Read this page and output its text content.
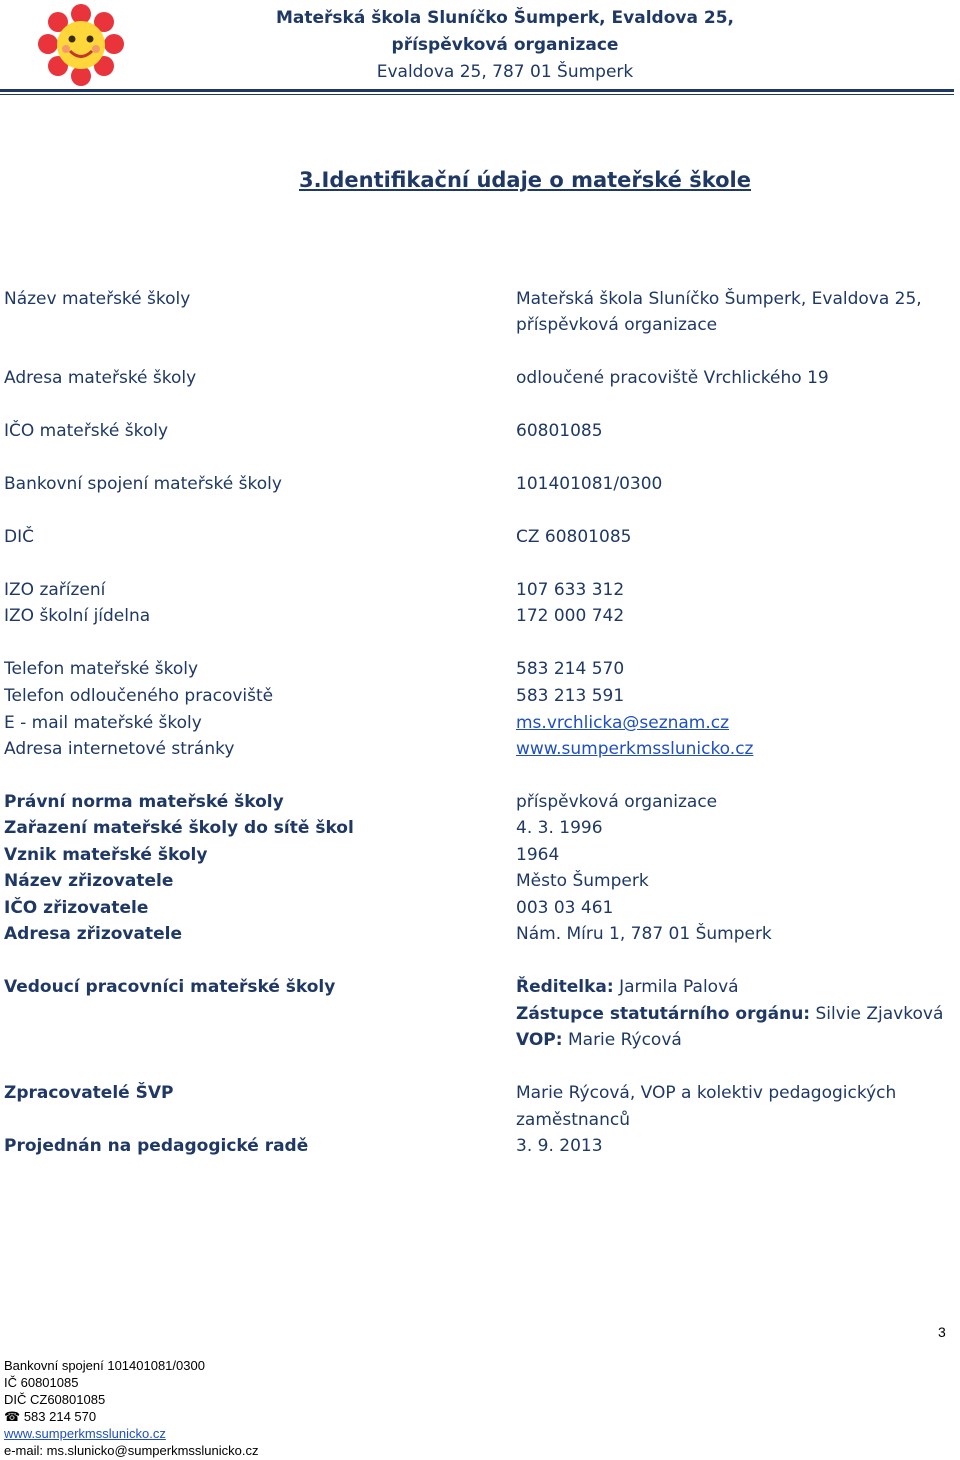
Mateřská škola Sluníčko Šumperk, Evaldova 25,
příspěvková organizace
Evaldova 25, 787 01 Šumperk
3.Identifikační údaje o mateřské škole
Název mateřské školy	Mateřská škola Sluníčko Šumperk, Evaldova 25,
příspěvková organizace
Adresa mateřské školy	odloučené pracoviště Vrchlického 19
IČO mateřské školy	60801085
Bankovní spojení mateřské školy	101401081/0300
DIČ	CZ 60801085
IZO zařízení	107 633 312
IZO školní jídelna	172 000 742
Telefon mateřské školy	583 214 570
Telefon odloučeného pracoviště	583 213 591
E - mail mateřské školy	ms.vrchlicka@seznam.cz
Adresa internetové stránky	www.sumperkmsslunicko.cz
Právní norma mateřské školy	příspěvková organizace
Zařazení mateřské školy do sítě škol	4. 3. 1996
Vznik mateřské školy	1964
Název zřizovatele	Město Šumperk
IČO zřizovatele	003 03 461
Adresa zřizovatele	Nám. Míru 1, 787 01 Šumperk
Vedoucí pracovníci mateřské školy	Ředitelka: Jarmila Palová
Zástupce statutárního orgánu: Silvie Zjavková
VOP: Marie Rýcová
Zpracovatelé ŠVP	Marie Rýcová, VOP a kolektiv pedagogických
zaměstnanců
Projednán na pedagogické radě	3. 9. 2013
3
Bankovní spojení 101401081/0300
IČ 60801085
DIČ CZ60801085
☎ 583 214 570
www.sumperkmsslunicko.cz
e-mail: ms.slunicko@sumperkmsslunicko.cz
